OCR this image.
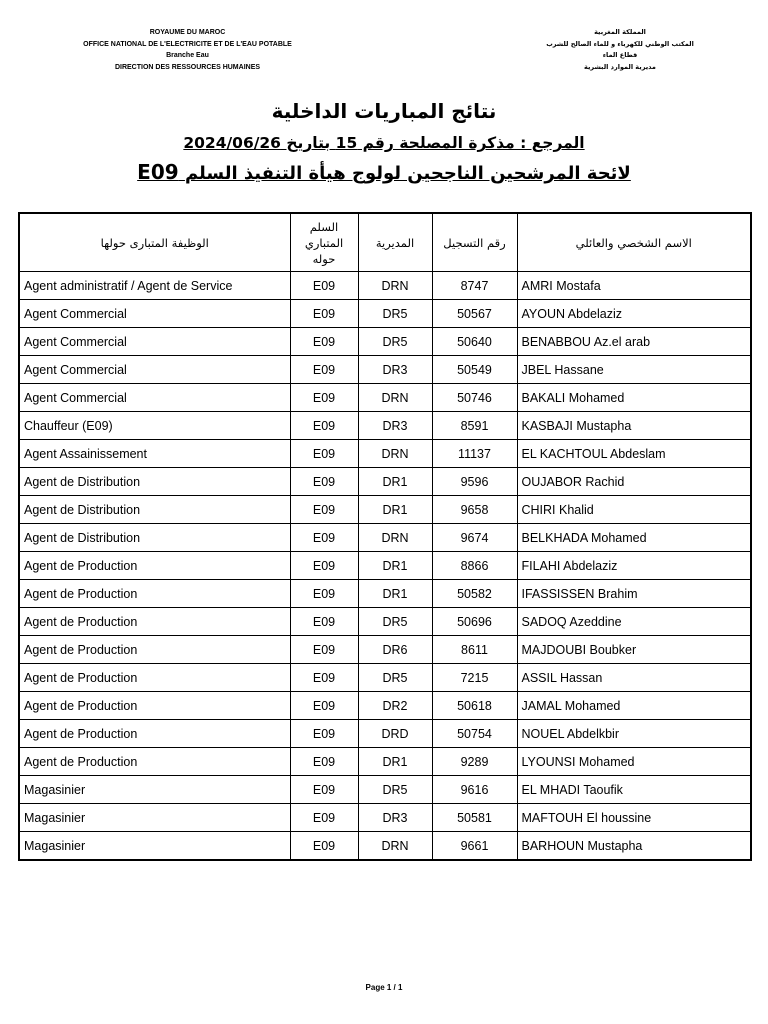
ROYAUME DU MAROC
OFFICE NATIONAL DE L'ELECTRICITE ET DE L'EAU POTABLE
Branche Eau
DIRECTION DES RESSOURCES HUMAINES
المملكة المغربية
المكتب الوطني للكهرباء و للماء الصالح للشرب
قطاع الماء
مديرية الموارد البشرية
نتائج المباريات الداخلية
المرجع : مذكرة المصلحة رقم 15 بتاريخ 2024/06/26
لائحة المرشحين الناجحين لولوج هيأة التنفيذ السلم E09
الوظيفة المتبارى حولها	السلم المتباري حوله	المديرية	رقم التسجيل	الاسم الشخصي والعائلي
Agent administratif / Agent de Service	E09	DRN	8747	AMRI Mostafa
Agent Commercial	E09	DR5	50567	AYOUN Abdelaziz
Agent Commercial	E09	DR5	50640	BENABBOU Az.el arab
Agent Commercial	E09	DR3	50549	JBEL Hassane
Agent Commercial	E09	DRN	50746	BAKALI Mohamed
Chauffeur (E09)	E09	DR3	8591	KASBAJI Mustapha
Agent Assainissement	E09	DRN	11137	EL KACHTOUL Abdeslam
Agent de Distribution	E09	DR1	9596	OUJABOR Rachid
Agent de Distribution	E09	DR1	9658	CHIRI Khalid
Agent de Distribution	E09	DRN	9674	BELKHADA Mohamed
Agent de Production	E09	DR1	8866	FILAHI Abdelaziz
Agent de Production	E09	DR1	50582	IFASSISSEN Brahim
Agent de Production	E09	DR5	50696	SADOQ Azeddine
Agent de Production	E09	DR6	8611	MAJDOUBI Boubker
Agent de Production	E09	DR5	7215	ASSIL Hassan
Agent de Production	E09	DR2	50618	JAMAL Mohamed
Agent de Production	E09	DRD	50754	NOUEL Abdelkbir
Agent de Production	E09	DR1	9289	LYOUNSI Mohamed
Magasinier	E09	DR5	9616	EL MHADI Taoufik
Magasinier	E09	DR3	50581	MAFTOUH El houssine
Magasinier	E09	DRN	9661	BARHOUN Mustapha
Page 1 / 1
